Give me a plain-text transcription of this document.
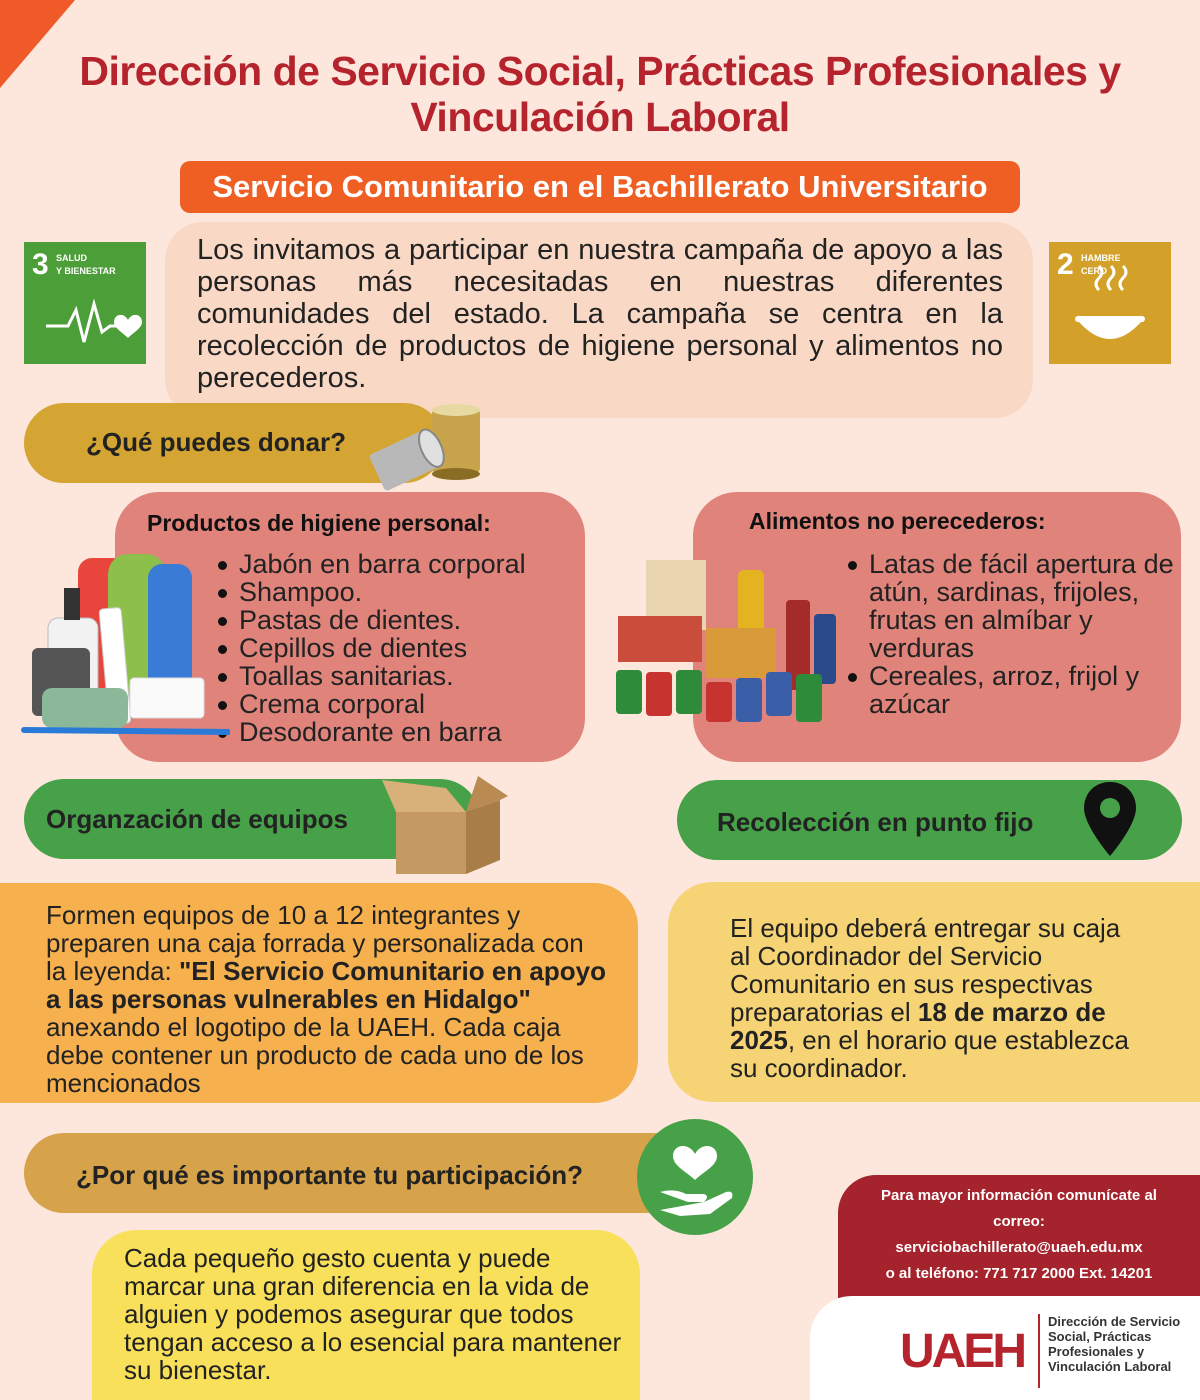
Dirección de Servicio Social, Prácticas Profesionales y
Vinculación Laboral
Servicio Comunitario en el Bachillerato Universitario
3 SALUD
Y BIENESTAR	2 HAMBRE
CERO
Los invitamos a participar en nuestra campaña de apoyo a las personas más necesitadas en nuestras diferentes comunidades del estado. La campaña se centra en la recolección de productos de higiene personal y alimentos no perecederos.
¿Qué puedes donar?
Productos de higiene personal:
Jabón en barra corporal
Shampoo.
Pastas de dientes.
Cepillos de dientes
Toallas sanitarias.
Crema corporal
Desodorante en barra
Alimentos no perecederos:
Latas de fácil apertura de atún, sardinas, frijoles, frutas en almíbar y verduras
Cereales, arroz, frijol y azúcar
Organzación de equipos
Formen equipos de 10 a 12 integrantes y preparen una caja forrada y personalizada con la leyenda: "El Servicio Comunitario en apoyo a las personas vulnerables en Hidalgo" anexando el logotipo de la UAEH. Cada caja debe contener un producto de cada uno de los mencionados
Recolección en punto fijo
El equipo deberá entregar su caja al Coordinador del Servicio Comunitario en sus respectivas preparatorias el 18 de marzo de 2025, en el horario que establezca su coordinador.
¿Por qué es importante tu participación?
Cada pequeño gesto cuenta y puede marcar una gran diferencia en la vida de alguien y podemos asegurar que todos tengan acceso a lo esencial para mantener su bienestar.
Para mayor información comunícate al
correo:
serviciobachillerato@uaeh.edu.mx
o al teléfono: 771 717 2000 Ext. 14201
UAEH
Dirección de Servicio
Social, Prácticas
Profesionales y
Vinculación Laboral
